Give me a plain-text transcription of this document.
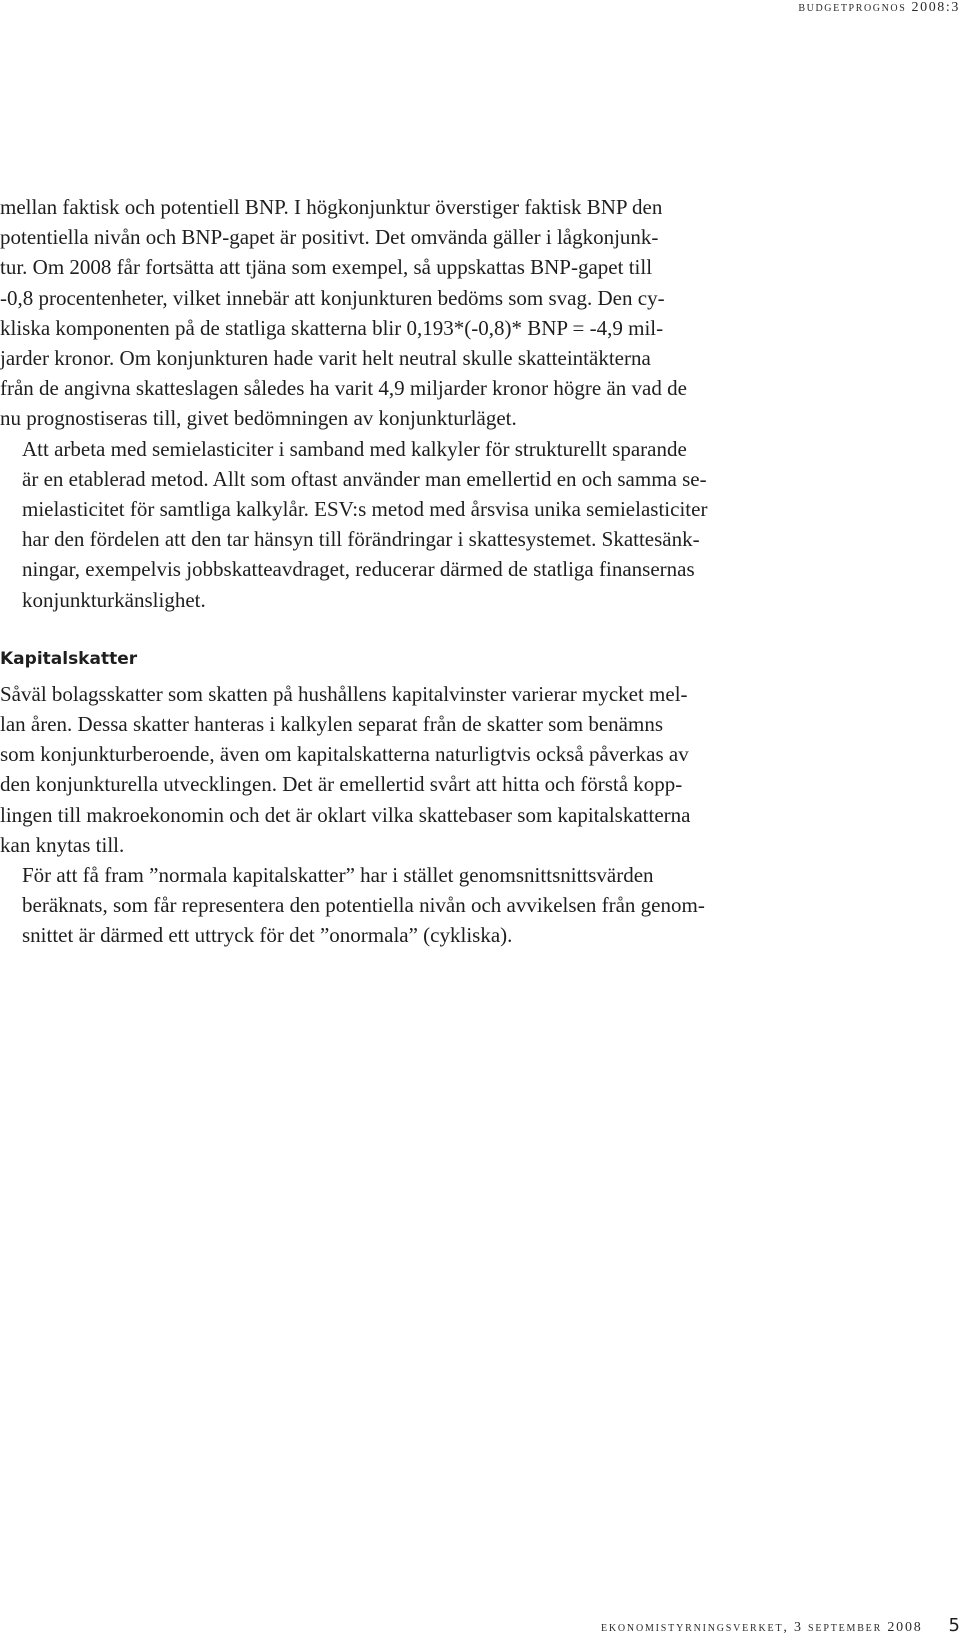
budgetprognos 2008:3

mellan faktisk och potentiell BNP. I högkonjunktur överstiger faktisk BNP den
potentiella nivån och BNP-gapet är positivt. Det omvända gäller i lågkonjunk-
tur. Om 2008 får fortsätta att tjäna som exempel, så uppskattas BNP-gapet till
-0,8 procentenheter, vilket innebär att konjunkturen bedöms som svag. Den cy-
kliska komponenten på de statliga skatterna blir 0,193*(-0,8)* BNP = -4,9 mil-
jarder kronor. Om konjunkturen hade varit helt neutral skulle skatteintäkterna
från de angivna skatteslagen således ha varit 4,9 miljarder kronor högre än vad de
nu prognostiseras till, givet bedömningen av konjunkturläget.

Att arbeta med semielasticiter i samband med kalkyler för strukturellt sparande
är en etablerad metod. Allt som oftast använder man emellertid en och samma se-
mielasticitet för samtliga kalkylår. ESV:s metod med årsvisa unika semielasticiter
har den fördelen att den tar hänsyn till förändringar i skattesystemet. Skattesänk-
ningar, exempelvis jobbskatteavdraget, reducerar därmed de statliga finansernas
konjunkturkänslighet.

Kapitalskatter

Såväl bolagsskatter som skatten på hushållens kapitalvinster varierar mycket mel-
lan åren. Dessa skatter hanteras i kalkylen separat från de skatter som benämns
som konjunkturberoende, även om kapitalskatterna naturligtvis också påverkas av
den konjunkturella utvecklingen. Det är emellertid svårt att hitta och förstå kopp-
lingen till makroekonomin och det är oklart vilka skattebaser som kapitalskatterna
kan knytas till.

För att få fram ”normala kapitalskatter” har i stället genomsnittsnittsvärden
beräknats, som får representera den potentiella nivån och avvikelsen från genom-
snittet är därmed ett uttryck för det ”onormala” (cykliska).

ekonomistyrningsverket, 3 september 2008 5
